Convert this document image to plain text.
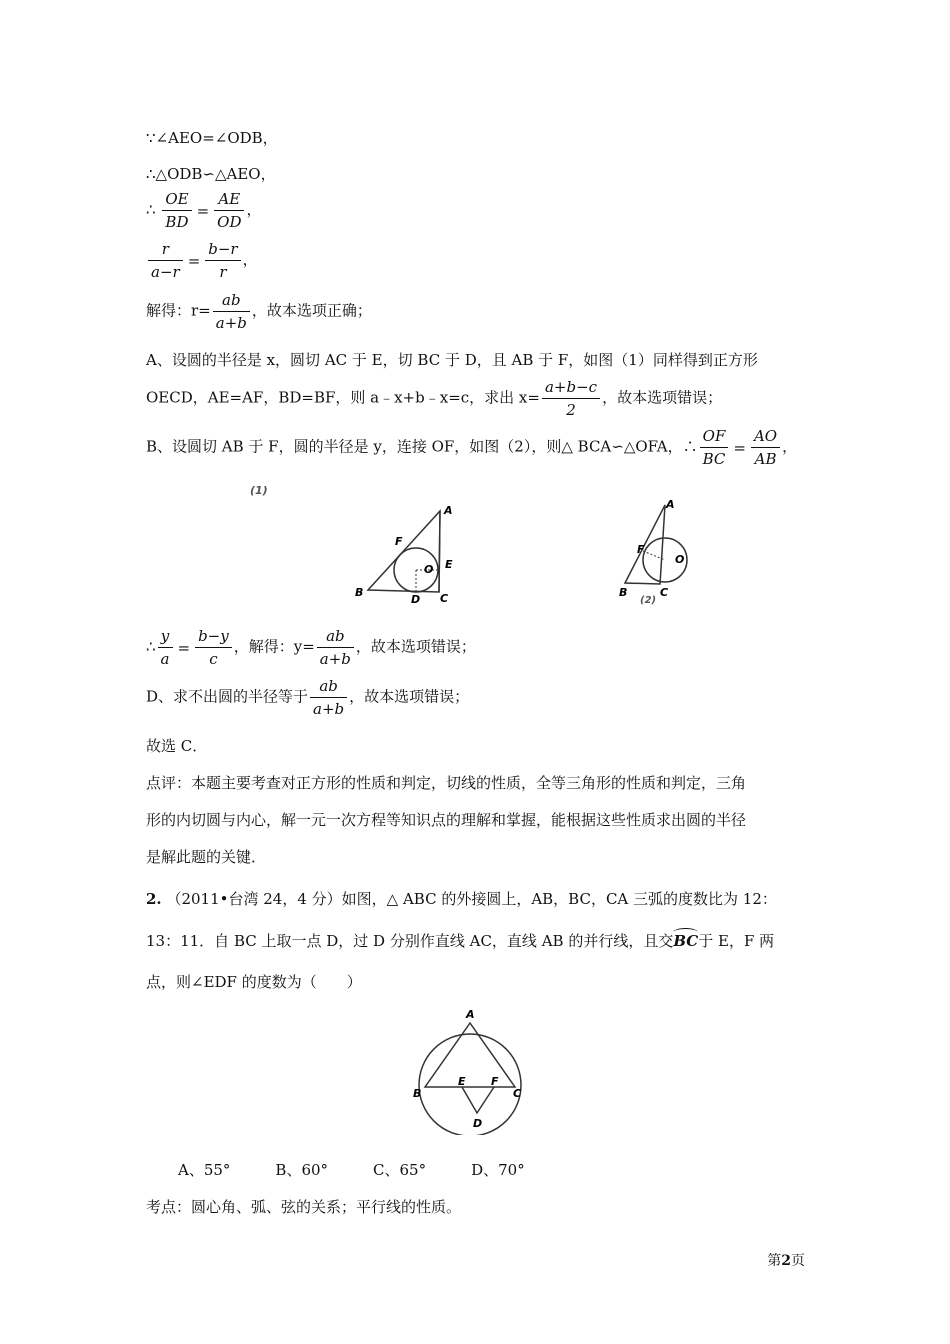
∵∠AEO=∠ODB，
∴△ODB∽△AEO，
∴ $\frac{OE}{BD} = \frac{AE}{OD}$ ，
$\frac{r}{a-r} = \frac{b-r}{r}$ ，
解得：$r= \frac{ab}{a+b}$ ，故本选项正确；
A、设圆的半径是 x，圆切 AC 于 E，切 BC 于 D，且 AB 于 F，如图（1）同样得到正方形
OECD，AE=AF，BD=BF，则 a﹣x+b﹣x=c，求出 $x= \frac{a+b-c}{2}$ ，故本选项错误；
B、设圆切 AB 于 F，圆的半径是 y，连接 OF，如图（2），则△ BCA∽△OFA，∴ $\frac{OF}{BC} = \frac{AO}{AB}$ ，
(1)
A
B	C
D
E
F
O
A
B	C
F
O
(2)
∴ $\frac{y}{a} = \frac{b-y}{c}$ ，解得：$y= \frac{ab}{a+b}$ ，故本选项错误；
D、求不出圆的半径等于 $\frac{ab}{a+b}$ ，故本选项错误；
故选 C．
点评：本题主要考查对正方形的性质和判定，切线的性质，全等三角形的性质和判定，三角
形的内切圆与内心，解一元一次方程等知识点的理解和掌握，能根据这些性质求出圆的半径
是解此题的关键．
2. （2011•台湾 24，4 分）如图，△ ABC 的外接圆上，AB，BC，CA 三弧的度数比为 12：
13：11．自 BC 上取一点 D，过 D 分别作直线 AC，直线 AB 的并行线，且交BC于 E，F 两
点，则∠EDF 的度数为（　　）
A
B	C
D
E F
A、55°　　　B、60°　　　C、65°　　　D、70°
考点：圆心角、弧、弦的关系；平行线的性质。
第2页
